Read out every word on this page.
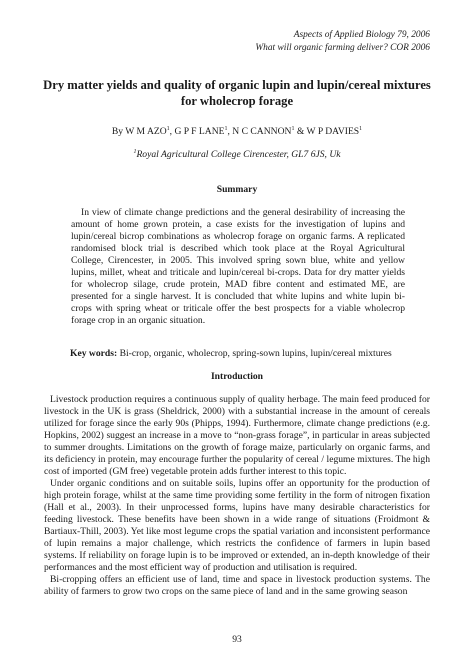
Aspects of Applied Biology 79, 2006
What will organic farming deliver? COR 2006
Dry matter yields and quality of organic lupin and lupin/cereal mixtures for wholecrop forage
By W M AZO$^1$, G P F LANE$^1$, N C CANNON$^1$ & W P DAVIES$^1$
$^1$Royal Agricultural College Cirencester, GL7 6JS, Uk
Summary

In view of climate change predictions and the general desirability of increasing the amount of home grown protein, a case exists for the investigation of lupins and lupin/cereal bicrop combinations as wholecrop forage on organic farms. A replicated randomised block trial is described which took place at the Royal Agricultural College, Cirencester, in 2005. This involved spring sown blue, white and yellow lupins, millet, wheat and triticale and lupin/cereal bi-crops. Data for dry matter yields for wholecrop silage, crude protein, MAD fibre content and estimated ME, are presented for a single harvest. It is concluded that white lupins and white lupin bi-crops with spring wheat or triticale offer the best prospects for a viable wholecrop forage crop in an organic situation.

Key words: Bi-crop, organic, wholecrop, spring-sown lupins, lupin/cereal mixtures

Introduction

Livestock production requires a continuous supply of quality herbage. The main feed produced for livestock in the UK is grass (Sheldrick, 2000) with a substantial increase in the amount of cereals utilized for forage since the early 90s (Phipps, 1994). Furthermore, climate change predictions (e.g. Hopkins, 2002) suggest an increase in a move to “non-grass forage”, in particular in areas subjected to summer droughts. Limitations on the growth of forage maize, particularly on organic farms, and its deficiency in protein, may encourage further the popularity of cereal / legume mixtures. The high cost of imported (GM free) vegetable protein adds further interest to this topic.

Under organic conditions and on suitable soils, lupins offer an opportunity for the production of high protein forage, whilst at the same time providing some fertility in the form of nitrogen fixation (Hall et al., 2003). In their unprocessed forms, lupins have many desirable characteristics for feeding livestock. These benefits have been shown in a wide range of situations (Froidmont & Bartiaux-Thill, 2003). Yet like most legume crops the spatial variation and inconsistent performance of lupin remains a major challenge, which restricts the confidence of farmers in lupin based systems. If reliability on forage lupin is to be improved or extended, an in-depth knowledge of their performances and the most efficient way of production and utilisation is required.

Bi-cropping offers an efficient use of land, time and space in livestock production systems. The ability of farmers to grow two crops on the same piece of land and in the same growing season

93
